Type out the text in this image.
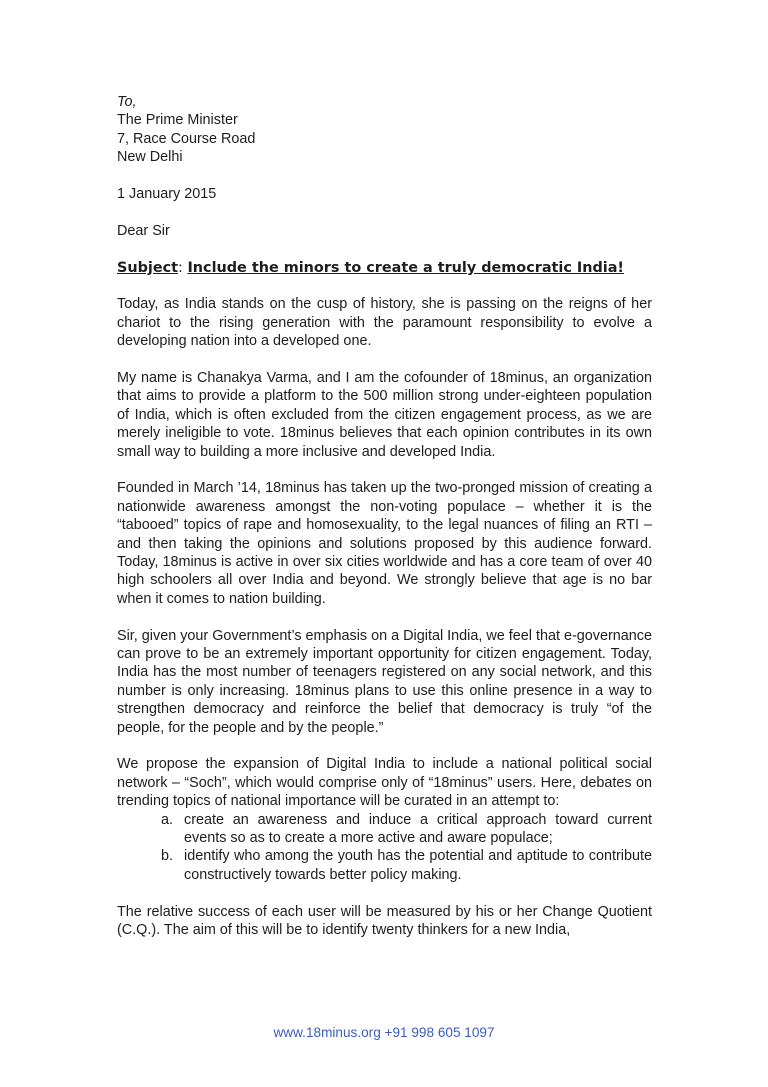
To,
The Prime Minister
7, Race Course Road
New Delhi
1 January 2015
Dear Sir
Subject: Include the minors to create a truly democratic India!

Today, as India stands on the cusp of history, she is passing on the reigns of her chariot to the rising generation with the paramount responsibility to evolve a developing nation into a developed one.

My name is Chanakya Varma, and I am the cofounder of 18minus, an organization that aims to provide a platform to the 500 million strong under-eighteen population of India, which is often excluded from the citizen engagement process, as we are merely ineligible to vote. 18minus believes that each opinion contributes in its own small way to building a more inclusive and developed India.

Founded in March ’14, 18minus has taken up the two-pronged mission of creating a nationwide awareness amongst the non-voting populace – whether it is the “tabooed” topics of rape and homosexuality, to the legal nuances of filing an RTI – and then taking the opinions and solutions proposed by this audience forward. Today, 18minus is active in over six cities worldwide and has a core team of over 40 high schoolers all over India and beyond. We strongly believe that age is no bar when it comes to nation building.

Sir, given your Government’s emphasis on a Digital India, we feel that e-governance can prove to be an extremely important opportunity for citizen engagement. Today, India has the most number of teenagers registered on any social network, and this number is only increasing. 18minus plans to use this online presence in a way to strengthen democracy and reinforce the belief that democracy is truly “of the people, for the people and by the people.”

We propose the expansion of Digital India to include a national political social network – “Soch”, which would comprise only of “18minus” users. Here, debates on trending topics of national importance will be curated in an attempt to:

a. create an awareness and induce a critical approach toward current events so as to create a more active and aware populace;
b. identify who among the youth has the potential and aptitude to contribute constructively towards better policy making.

The relative success of each user will be measured by his or her Change Quotient (C.Q.). The aim of this will be to identify twenty thinkers for a new India,

www.18minus.org +91 998 605 1097
